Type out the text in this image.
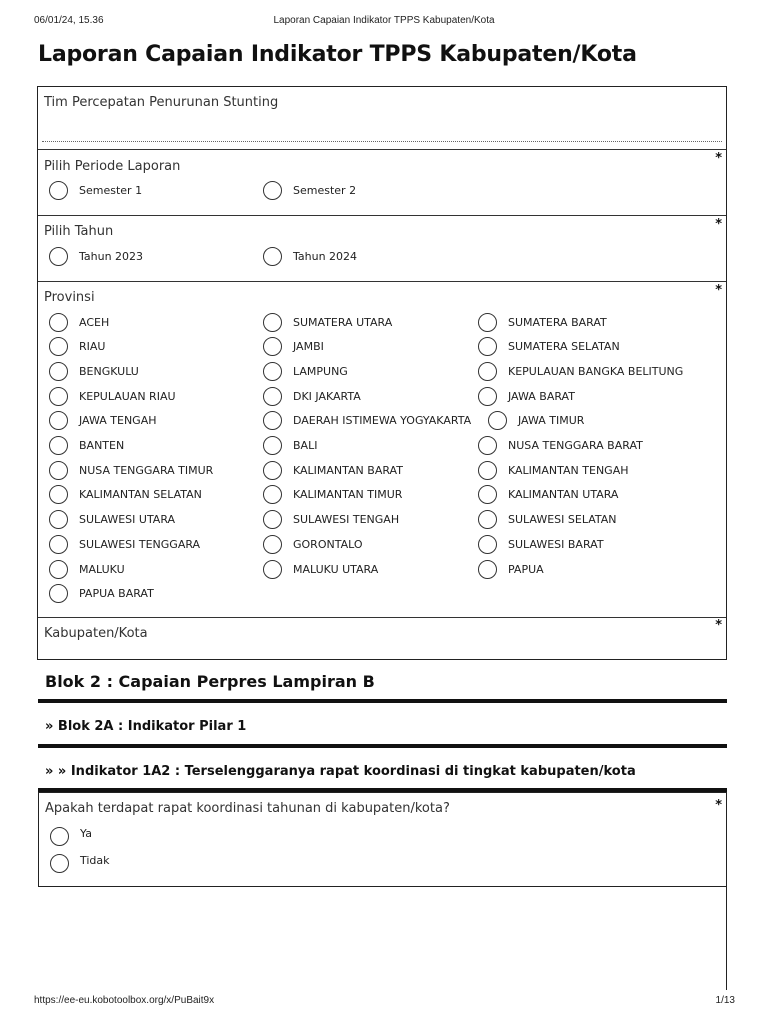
06/01/24, 15.36	Laporan Capaian Indikator TPPS Kabupaten/Kota
Laporan Capaian Indikator TPPS Kabupaten/Kota
Tim Percepatan Penurunan Stunting
*
Pilih Periode Laporan
Semester 1	Semester 2
*
Pilih Tahun
Tahun 2023	Tahun 2024
*
Provinsi
ACEH	SUMATERA UTARA	SUMATERA BARAT
RIAU	JAMBI	SUMATERA SELATAN
BENGKULU	LAMPUNG	KEPULAUAN BANGKA BELITUNG
KEPULAUAN RIAU	DKI JAKARTA	JAWA BARAT
JAWA TENGAH	DAERAH ISTIMEWA YOGYAKARTA	JAWA TIMUR
BANTEN	BALI	NUSA TENGGARA BARAT
NUSA TENGGARA TIMUR	KALIMANTAN BARAT	KALIMANTAN TENGAH
KALIMANTAN SELATAN	KALIMANTAN TIMUR	KALIMANTAN UTARA
SULAWESI UTARA	SULAWESI TENGAH	SULAWESI SELATAN
SULAWESI TENGGARA	GORONTALO	SULAWESI BARAT
MALUKU	MALUKU UTARA	PAPUA
PAPUA BARAT
*
Kabupaten/Kota
Blok 2 : Capaian Perpres Lampiran B
» Blok 2A : Indikator Pilar 1
» » Indikator 1A2 : Terselenggaranya rapat koordinasi di tingkat kabupaten/kota
*
Apakah terdapat rapat koordinasi tahunan di kabupaten/kota?
Ya
Tidak
https://ee-eu.kobotoolbox.org/x/PuBait9x	1/13
